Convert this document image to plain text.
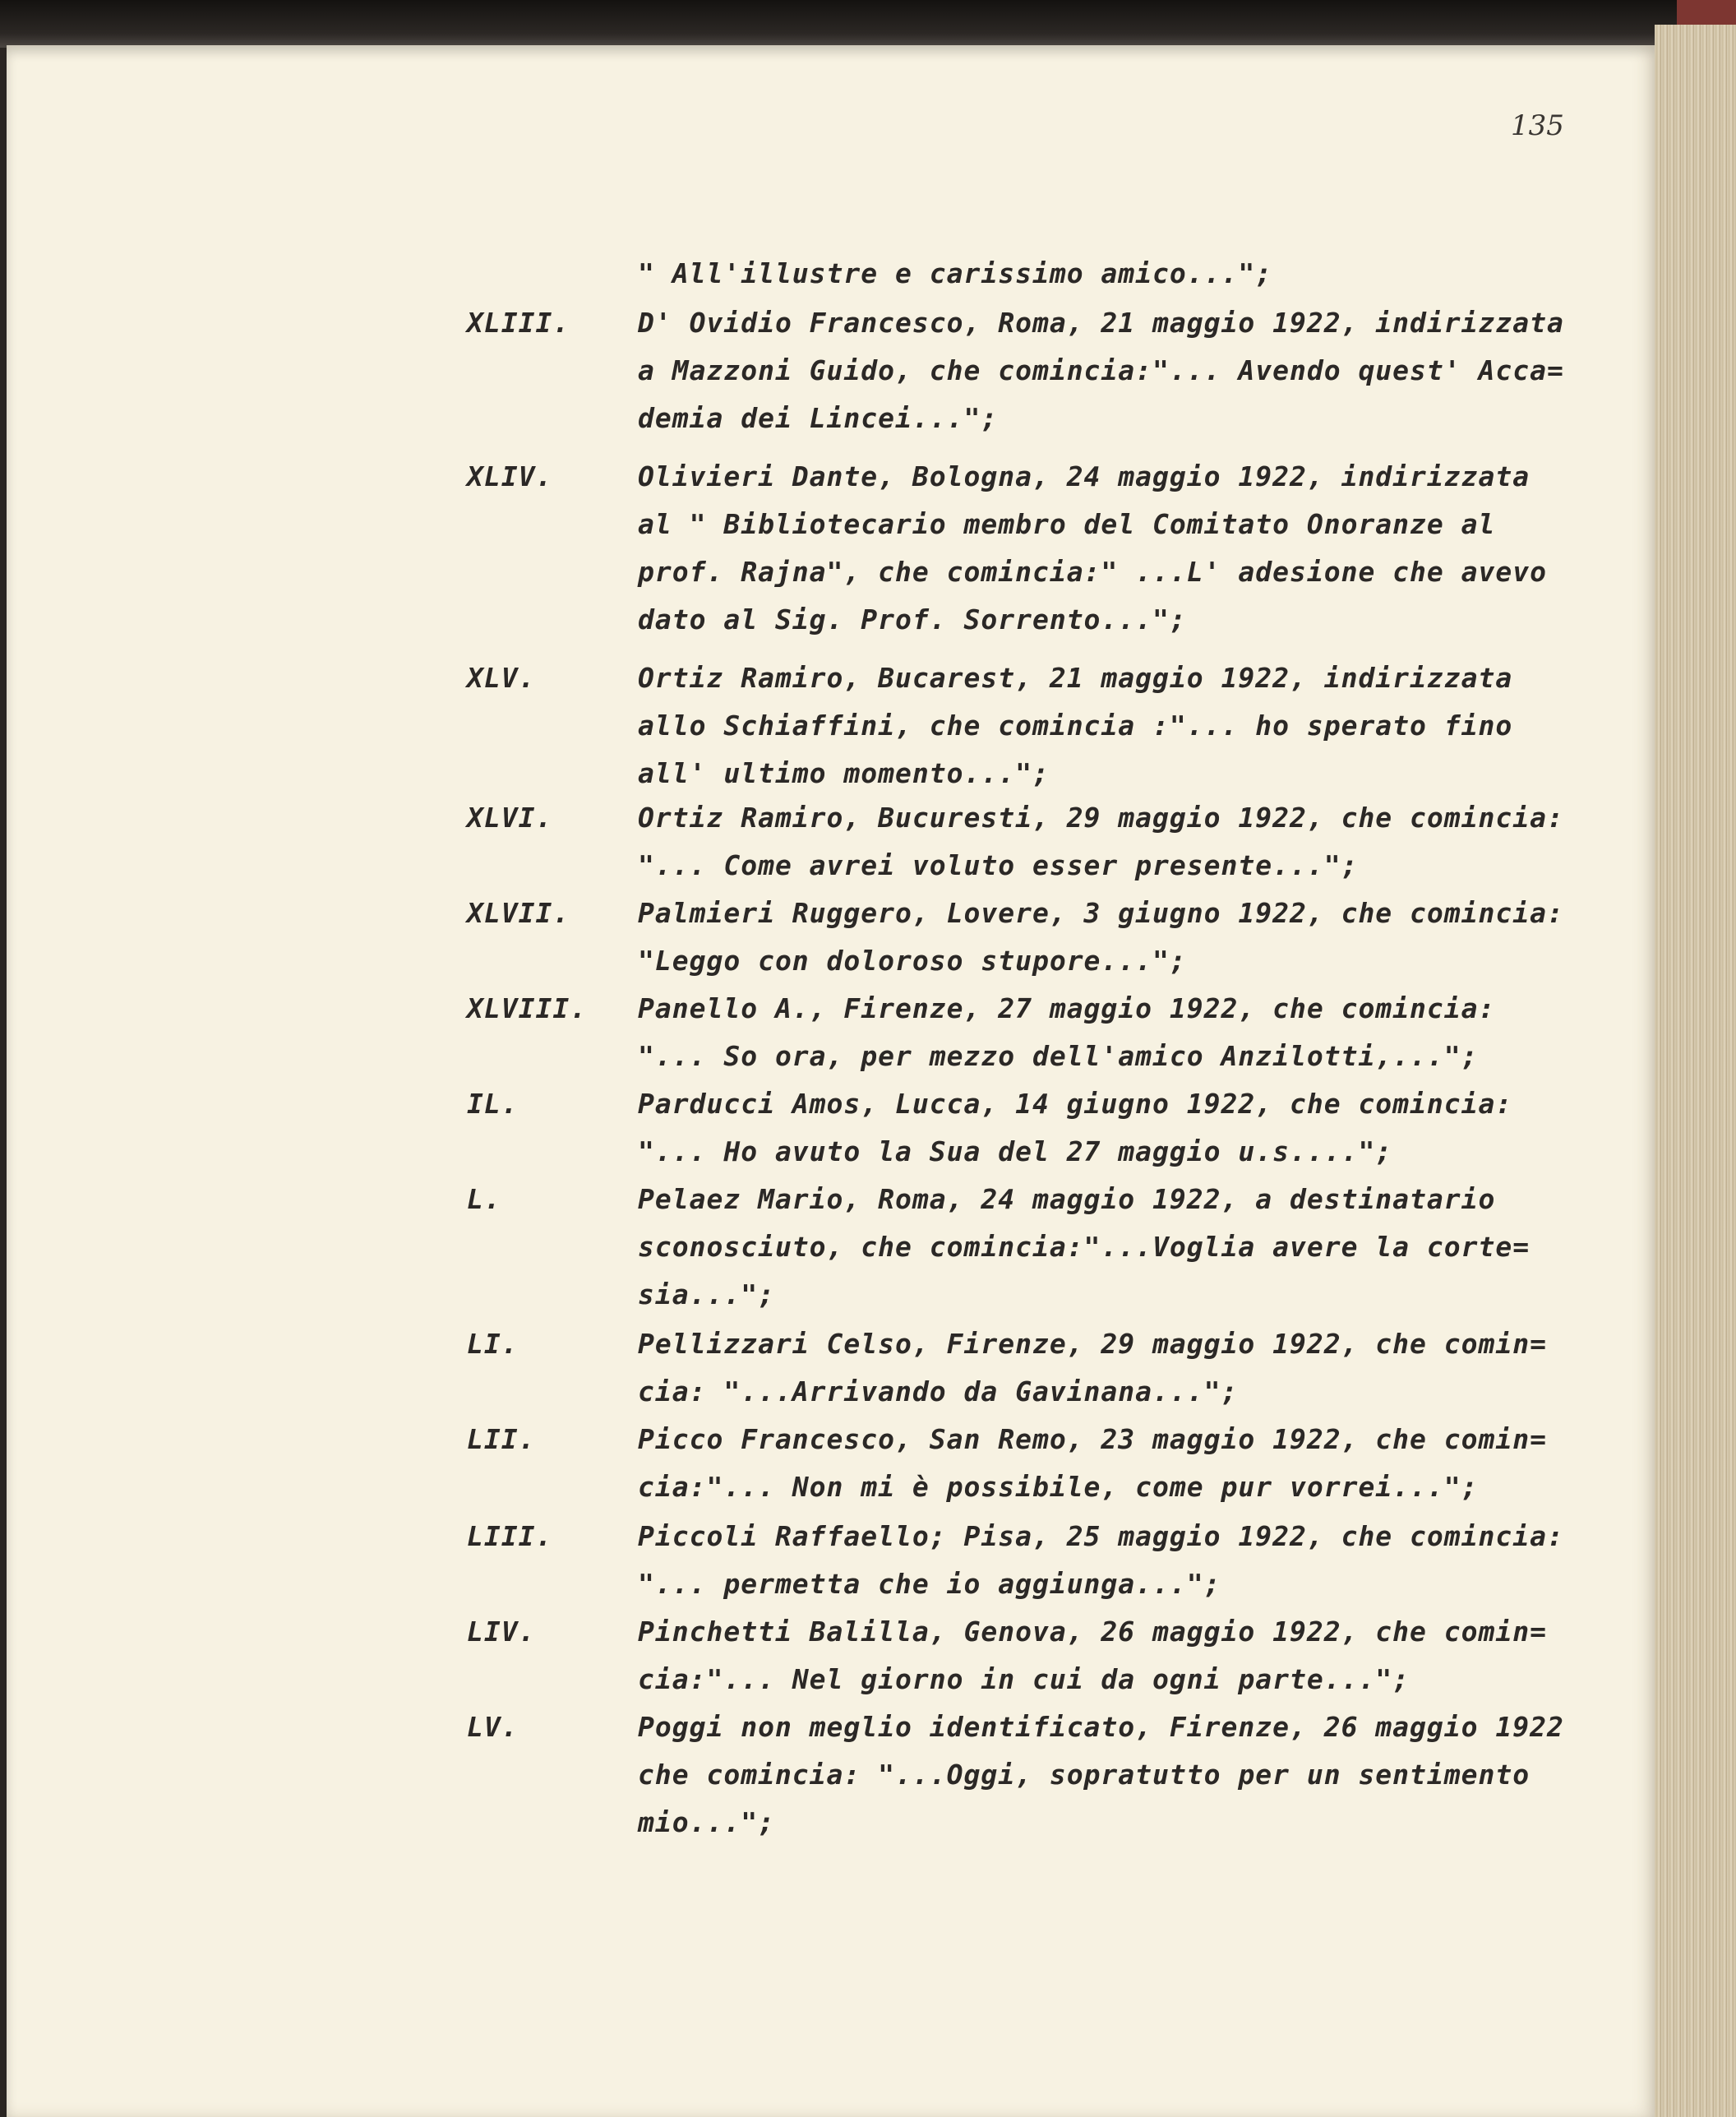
135
" All'illustre e carissimo amico...";
XLIII.	D' Ovidio Francesco, Roma, 21 maggio 1922, indirizzata
a Mazzoni Guido, che comincia:"... Avendo quest' Acca=
demia dei Lincei...";
XLIV.	Olivieri Dante, Bologna, 24 maggio 1922, indirizzata
al " Bibliotecario membro del Comitato Onoranze al
prof. Rajna", che comincia:" ...L' adesione che avevo
dato al Sig. Prof. Sorrento...";
XLV.	Ortiz Ramiro, Bucarest, 21 maggio 1922, indirizzata
allo Schiaffini, che comincia :"... ho sperato fino
all' ultimo momento...";
XLVI.	Ortiz Ramiro, Bucuresti, 29 maggio 1922, che comincia:
"... Come avrei voluto esser presente...";
XLVII.	Palmieri Ruggero, Lovere, 3 giugno 1922, che comincia:
"Leggo con doloroso stupore...";
XLVIII. Panello A., Firenze, 27 maggio 1922, che comincia:
"... So ora, per mezzo dell'amico Anzilotti,...";
IL.	Parducci Amos, Lucca, 14 giugno 1922, che comincia:
"... Ho avuto la Sua del 27 maggio u.s....";
L.	Pelaez Mario, Roma, 24 maggio 1922, a destinatario
sconosciuto, che comincia:"...Voglia avere la corte=
sia...";
LI.	Pellizzari Celso, Firenze, 29 maggio 1922, che comin=
cia: "...Arrivando da Gavinana...";
LII.	Picco Francesco, San Remo, 23 maggio 1922, che comin=
cia:"... Non mi è possibile, come pur vorrei...";
LIII.	Piccoli Raffaello; Pisa, 25 maggio 1922, che comincia:
"... permetta che io aggiunga...";
LIV.	Pinchetti Balilla, Genova, 26 maggio 1922, che comin=
cia:"... Nel giorno in cui da ogni parte...";
LV.	Poggi non meglio identificato, Firenze, 26 maggio 1922
che comincia: "...Oggi, sopratutto per un sentimento
mio...";
